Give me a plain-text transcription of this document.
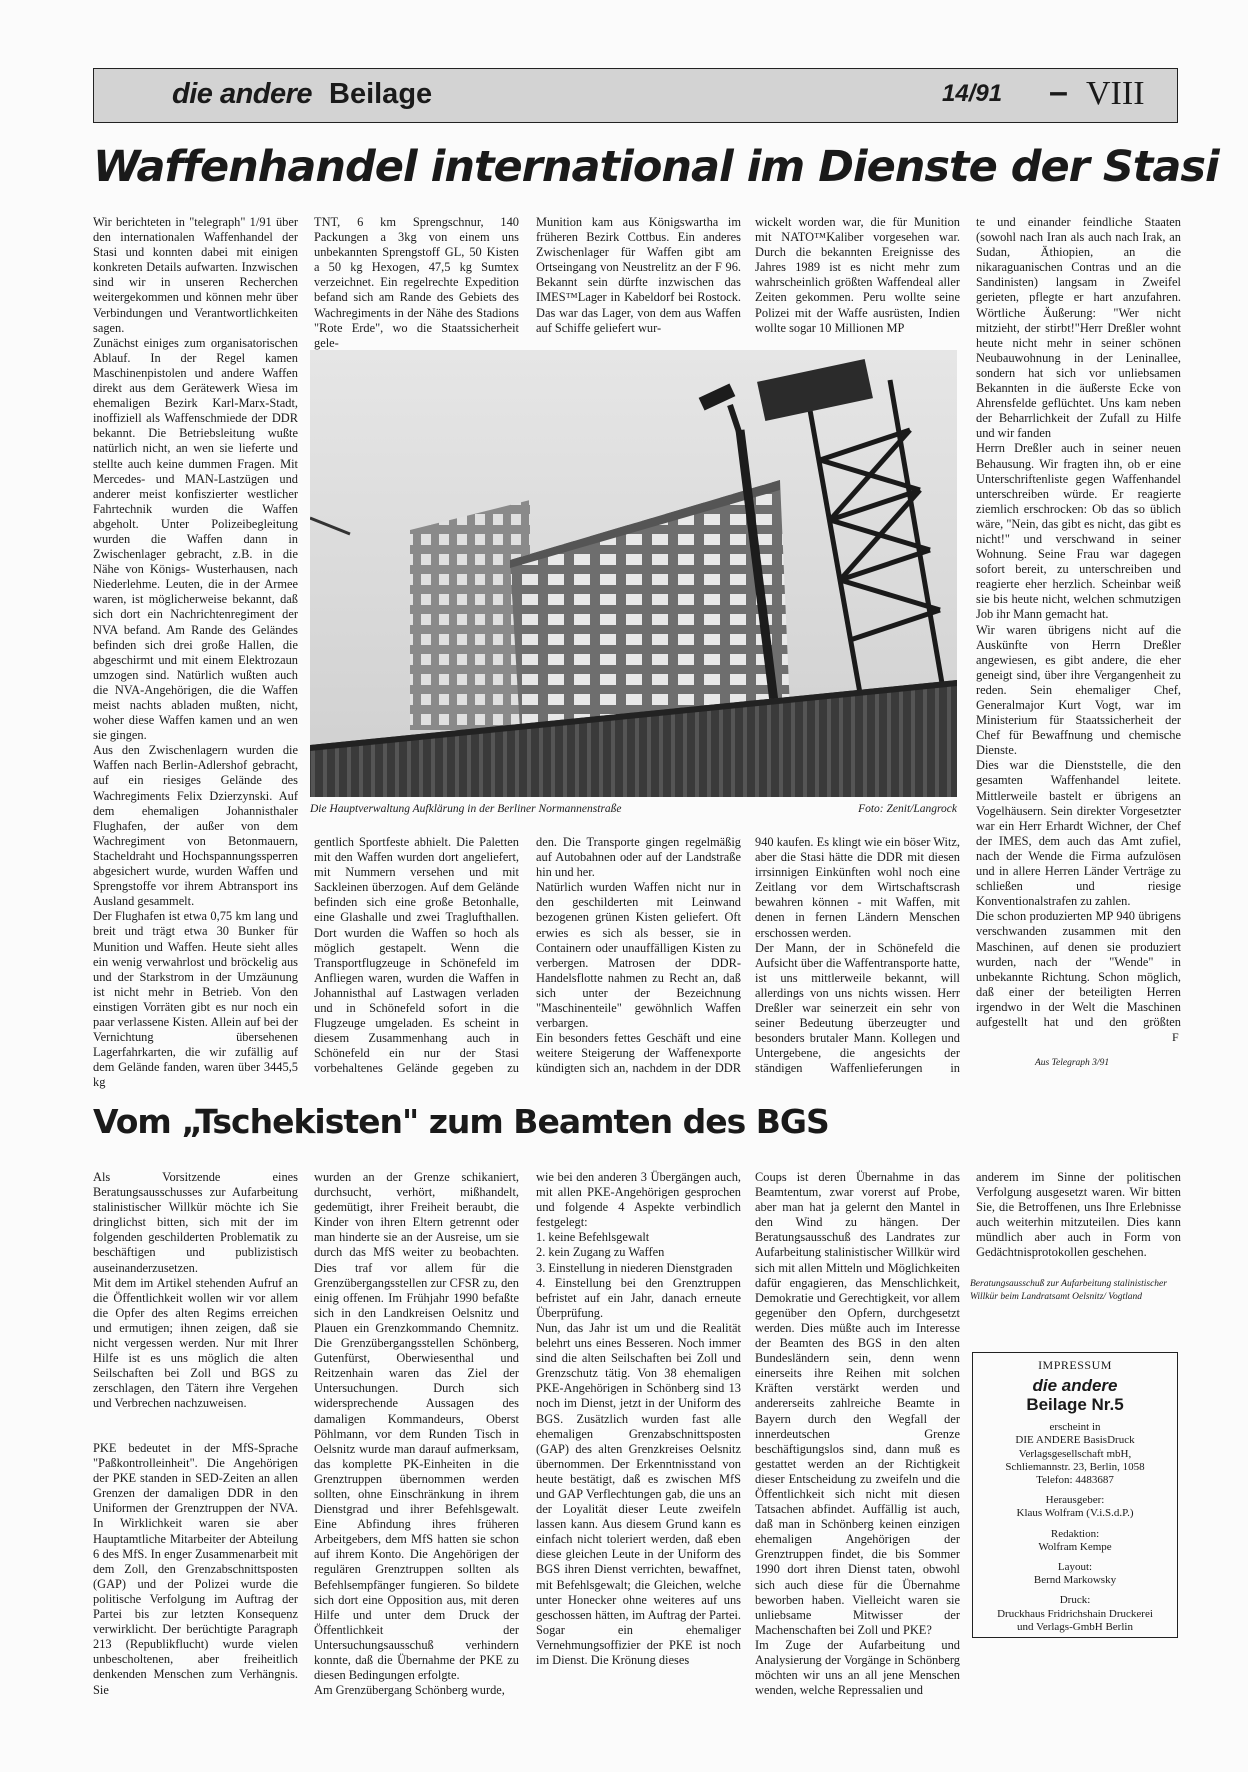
die andere Beilage	14/91 – VIII
Waffenhandel international im Dienste der Stasi

Wir berichteten in "telegraph" 1/91 über den internationalen Waffenhandel der Stasi und konnten dabei mit einigen konkreten Details aufwarten. Inzwischen sind wir in unseren Recherchen weitergekommen und können mehr über Verbindungen und Verantwortlichkeiten sagen.

Zunächst einiges zum organisatorischen Ablauf. In der Regel kamen Maschinenpistolen und andere Waffen direkt aus dem Gerätewerk Wiesa im ehemaligen Bezirk Karl-Marx-Stadt, inoffiziell als Waffenschmiede der DDR bekannt. Die Betriebsleitung wußte natürlich nicht, an wen sie lieferte und stellte auch keine dummen Fragen. Mit Mercedes- und MAN-Lastzügen und anderer meist konfiszierter westlicher Fahrtechnik wurden die Waffen abgeholt. Unter Polizeibegleitung wurden die Waffen dann in Zwischenlager gebracht, z.B. in die Nähe von Königs- Wusterhausen, nach Niederlehme. Leuten, die in der Armee waren, ist möglicherweise bekannt, daß sich dort ein Nachrichtenregiment der NVA befand. Am Rande des Geländes befinden sich drei große Hallen, die abgeschirmt und mit einem Elektrozaun umzogen sind. Natürlich wußten auch die NVA-Angehörigen, die die Waffen meist nachts abladen mußten, nicht, woher diese Waffen kamen und an wen sie gingen.

Aus den Zwischenlagern wurden die Waffen nach Berlin-Adlershof gebracht, auf ein riesiges Gelände des Wachregiments Felix Dzierzynski. Auf dem ehemaligen Johannisthaler Flughafen, der außer von dem Wachregiment von Betonmauern, Stacheldraht und Hochspannungssperren abgesichert wurde, wurden Waffen und Sprengstoffe vor ihrem Abtransport ins Ausland gesammelt.

Der Flughafen ist etwa 0,75 km lang und breit und trägt etwa 30 Bunker für Munition und Waffen. Heute sieht alles ein wenig verwahrlost und bröckelig aus und der Starkstrom in der Umzäunung ist nicht mehr in Betrieb. Von den einstigen Vorräten gibt es nur noch ein paar verlassene Kisten. Allein auf bei der Vernichtung übersehenen Lagerfahrkarten, die wir zufällig auf dem Gelände fanden, waren über 3445,5 kg

TNT, 6 km Sprengschnur, 140 Packungen a 3kg von einem uns unbekannten Sprengstoff GL, 50 Kisten a 50 kg Hexogen, 47,5 kg Sumtex verzeichnet. Ein regelrechte Expedition befand sich am Rande des Gebiets des Wachregiments in der Nähe des Stadions "Rote Erde", wo die Staatssicherheit gele-
Munition kam aus Königswartha im früheren Bezirk Cottbus. Ein anderes Zwischenlager für Waffen gibt am Ortseingang von Neustrelitz an der F 96. Bekannt sein dürfte inzwischen das IMES™Lager in Kabeldorf bei Rostock. Das war das Lager, von dem aus Waffen auf Schiffe geliefert wur-
wickelt worden war, die für Munition mit NATO™Kaliber vorgesehen war. Durch die bekannten Ereignisse des Jahres 1989 ist es nicht mehr zum wahrscheinlich größten Waffendeal aller Zeiten gekommen. Peru wollte seine Polizei mit der Waffe ausrüsten, Indien wollte sogar 10 Millionen MP

te und einander feindliche Staaten (sowohl nach Iran als auch nach Irak, an Sudan, Äthiopien, an die nikaraguanischen Contras und an die Sandinisten) langsam in Zweifel gerieten, pflegte er hart anzufahren. Wörtliche Äußerung: "Wer nicht mitzieht, der stirbt!"Herr Dreßler wohnt heute nicht mehr in seiner schönen Neubauwohnung in der Leninallee, sondern hat sich vor unliebsamen Bekannten in die äußerste Ecke von Ahrensfelde geflüchtet. Uns kam neben der Beharrlichkeit der Zufall zu Hilfe und wir fanden

Herrn Dreßler auch in seiner neuen Behausung. Wir fragten ihn, ob er eine Unterschriftenliste gegen Waffenhandel unterschreiben würde. Er reagierte ziemlich erschrocken: Ob das so üblich wäre, "Nein, das gibt es nicht, das gibt es nicht!" und verschwand in seiner Wohnung. Seine Frau war dagegen sofort bereit, zu unterschreiben und reagierte eher herzlich. Scheinbar weiß sie bis heute nicht, welchen schmutzigen Job ihr Mann gemacht hat.

Wir waren übrigens nicht auf die Auskünfte von Herrn Dreßler angewiesen, es gibt andere, die eher geneigt sind, über ihre Vergangenheit zu reden. Sein ehemaliger Chef, Generalmajor Kurt Vogt, war im Ministerium für Staatssicherheit der Chef für Bewaffnung und chemische Dienste.

Dies war die Dienststelle, die den gesamten Waffenhandel leitete. Mittlerweile bastelt er übrigens an Vogelhäusern. Sein direkter Vorgesetzter war ein Herr Erhardt Wichner, der Chef der IMES, dem auch das Amt zufiel, nach der Wende die Firma aufzulösen und in allere Herren Länder Verträge zu schließen und riesige Konventionalstrafen zu zahlen.

Die schon produzierten MP 940 übrigens verschwanden zusammen mit den Maschinen, auf denen sie produziert wurden, nach der "Wende" in unbekannte Richtung. Schon möglich, daß einer der beteiligten Herren irgendwo in der Welt die Maschinen aufgestellt hat und den größten

Die Hauptverwaltung Aufklärung in der Berliner Normannenstraße	Foto: Zenit/Langrock
gentlich Sportfeste abhielt. Die Paletten mit den Waffen wurden dort angeliefert, mit Nummern versehen und mit Sackleinen überzogen. Auf dem Gelände befinden sich eine große Betonhalle, eine Glashalle und zwei Traglufthallen. Dort wurden die Waffen so hoch als möglich gestapelt. Wenn die Transportflugzeuge in Schönefeld im Anfliegen waren, wurden die Waffen in Johannisthal auf Lastwagen verladen und in Schönefeld sofort in die Flugzeuge umgeladen. Es scheint in diesem Zusammenhang auch in Schönefeld ein nur der Stasi vorbehaltenes Gelände gegeben zu

den. Die Transporte gingen regelmäßig auf Autobahnen oder auf der Landstraße hin und her.

Natürlich wurden Waffen nicht nur in den geschilderten mit Leinwand bezogenen grünen Kisten geliefert. Oft erwies es sich als besser, sie in Containern oder unauffälligen Kisten zu verbergen. Matrosen der DDR-Handelsflotte nahmen zu Recht an, daß sich unter der Bezeichnung "Maschinenteile" gewöhnlich Waffen verbargen.

Ein besonders fettes Geschäft und eine weitere Steigerung der Waffenexporte kündigten sich an, nachdem in der DDR

940 kaufen. Es klingt wie ein böser Witz, aber die Stasi hätte die DDR mit diesen irrsinnigen Einkünften wohl noch eine Zeitlang vor dem Wirtschaftscrash bewahren können - mit Waffen, mit denen in fernen Ländern Menschen erschossen werden.

Der Mann, der in Schönefeld die Aufsicht über die Waffentransporte hatte, ist uns mittlerweile bekannt, will allerdings von uns nichts wissen. Herr Dreßler war seinerzeit ein sehr von seiner Bedeutung überzeugter und besonders brutaler Mann. Kollegen und Untergebene, die angesichts der ständigen Waffenlieferungen in

F
Aus Telegraph 3/91
Vom „Tschekisten" zum Beamten des BGS

Als Vorsitzende eines Beratungsausschusses zur Aufarbeitung stalinistischer Willkür möchte ich Sie dringlichst bitten, sich mit der im folgenden geschilderten Problematik zu beschäftigen und publizistisch auseinanderzusetzen.

Mit dem im Artikel stehenden Aufruf an die Öffentlichkeit wollen wir vor allem die Opfer des alten Regims erreichen und ermutigen; ihnen zeigen, daß sie nicht vergessen werden. Nur mit Ihrer Hilfe ist es uns möglich die alten Seilschaften bei Zoll und BGS zu zerschlagen, den Tätern ihre Vergehen und Verbrechen nachzuweisen.

PKE bedeutet in der MfS-Sprache "Paßkontrolleinheit". Die Angehörigen der PKE standen in SED-Zeiten an allen Grenzen der damaligen DDR in den Uniformen der Grenztruppen der NVA. In Wirklichkeit waren sie aber Hauptamtliche Mitarbeiter der Abteilung 6 des MfS. In enger Zusammenarbeit mit dem Zoll, den Grenzabschnittsposten (GAP) und der Polizei wurde die politische Verfolgung im Auftrag der Partei bis zur letzten Konsequenz verwirklicht. Der berüchtigte Paragraph 213 (Republikflucht) wurde vielen unbescholtenen, aber freiheitlich denkenden Menschen zum Verhängnis. Sie

wurden an der Grenze schikaniert, durchsucht, verhört, mißhandelt, gedemütigt, ihrer Freiheit beraubt, die Kinder von ihren Eltern getrennt oder man hinderte sie an der Ausreise, um sie durch das MfS weiter zu beobachten. Dies traf vor allem für die Grenzübergangsstellen zur CFSR zu, den einig offenen. Im Frühjahr 1990 befaßte sich in den Landkreisen Oelsnitz und Plauen ein Grenzkommando Chemnitz. Die Grenzübergangsstellen Schönberg, Gutenfürst, Oberwiesenthal und Reitzenhain waren das Ziel der Untersuchungen. Durch sich widersprechende Aussagen des damaligen Kommandeurs, Oberst Pöhlmann, vor dem Runden Tisch in Oelsnitz wurde man darauf aufmerksam, das komplette PK-Einheiten in die Grenztruppen übernommen werden sollten, ohne Einschränkung in ihrem Dienstgrad und ihrer Befehlsgewalt. Eine Abfindung ihres früheren Arbeitgebers, dem MfS hatten sie schon auf ihrem Konto. Die Angehörigen der regulären Grenztruppen sollten als Befehlsempfänger fungieren. So bildete sich dort eine Opposition aus, mit deren Hilfe und unter dem Druck der Öffentlichkeit der Untersuchungsausschuß verhindern konnte, daß die Übernahme der PKE zu diesen Bedingungen erfolgte.

Am Grenzübergang Schönberg wurde,

wie bei den anderen 3 Übergängen auch, mit allen PKE-Angehörigen gesprochen und folgende 4 Aspekte verbindlich festgelegt:

1. keine Befehlsgewalt

2. kein Zugang zu Waffen

3. Einstellung in niederen Dienstgraden

4. Einstellung bei den Grenztruppen befristet auf ein Jahr, danach erneute Überprüfung.

Nun, das Jahr ist um und die Realität belehrt uns eines Besseren. Noch immer sind die alten Seilschaften bei Zoll und Grenzschutz tätig. Von 38 ehemaligen PKE-Angehörigen in Schönberg sind 13 noch im Dienst, jetzt in der Uniform des BGS. Zusätzlich wurden fast alle ehemaligen Grenzabschnittsposten (GAP) des alten Grenzkreises Oelsnitz übernommen. Der Erkenntnisstand von heute bestätigt, daß es zwischen MfS und GAP Verflechtungen gab, die uns an der Loyalität dieser Leute zweifeln lassen kann. Aus diesem Grund kann es einfach nicht toleriert werden, daß eben diese gleichen Leute in der Uniform des BGS ihren Dienst verrichten, bewaffnet, mit Befehlsgewalt; die Gleichen, welche unter Honecker ohne weiteres auf uns geschossen hätten, im Auftrag der Partei. Sogar ein ehemaliger Vernehmungsoffizier der PKE ist noch im Dienst. Die Krönung dieses

Coups ist deren Übernahme in das Beamtentum, zwar vorerst auf Probe, aber man hat ja gelernt den Mantel in den Wind zu hängen. Der Beratungsausschuß des Landrates zur Aufarbeitung stalinistischer Willkür wird sich mit allen Mitteln und Möglichkeiten dafür engagieren, das Menschlichkeit, Demokratie und Gerechtigkeit, vor allem gegenüber den Opfern, durchgesetzt werden. Dies müßte auch im Interesse der Beamten des BGS in den alten Bundesländern sein, denn wenn einerseits ihre Reihen mit solchen Kräften verstärkt werden und andererseits zahlreiche Beamte in Bayern durch den Wegfall der innerdeutschen Grenze beschäftigungslos sind, dann muß es gestattet werden an der Richtigkeit dieser Entscheidung zu zweifeln und die Öffentlichkeit sich nicht mit diesen Tatsachen abfindet. Auffällig ist auch, daß man in Schönberg keinen einzigen ehemaligen Angehörigen der Grenztruppen findet, die bis Sommer 1990 dort ihren Dienst taten, obwohl sich auch diese für die Übernahme beworben haben. Vielleicht waren sie unliebsame Mitwisser der Machenschaften bei Zoll und PKE?

Im Zuge der Aufarbeitung und Analysierung der Vorgänge in Schönberg möchten wir uns an all jene Menschen wenden, welche Repressalien und

anderem im Sinne der politischen Verfolgung ausgesetzt waren. Wir bitten Sie, die Betroffenen, uns Ihre Erlebnisse auch weiterhin mitzuteilen. Dies kann mündlich aber auch in Form von Gedächtnisprotokollen geschehen.
Beratungsausschuß zur Aufarbeitung stalinistischer Willkür beim Landratsamt Oelsnitz/ Vogtland
IMPRESSUM
die andere
Beilage Nr.5
erscheint in
DIE ANDERE BasisDruck
Verlagsgesellschaft mbH,
Schliemannstr. 23, Berlin, 1058
Telefon: 4483687
Herausgeber:
Klaus Wolfram (V.i.S.d.P.)
Redaktion:
Wolfram Kempe
Layout:
Bernd Markowsky
Druck:
Druckhaus Fridrichshain Druckerei
und Verlags-GmbH Berlin
